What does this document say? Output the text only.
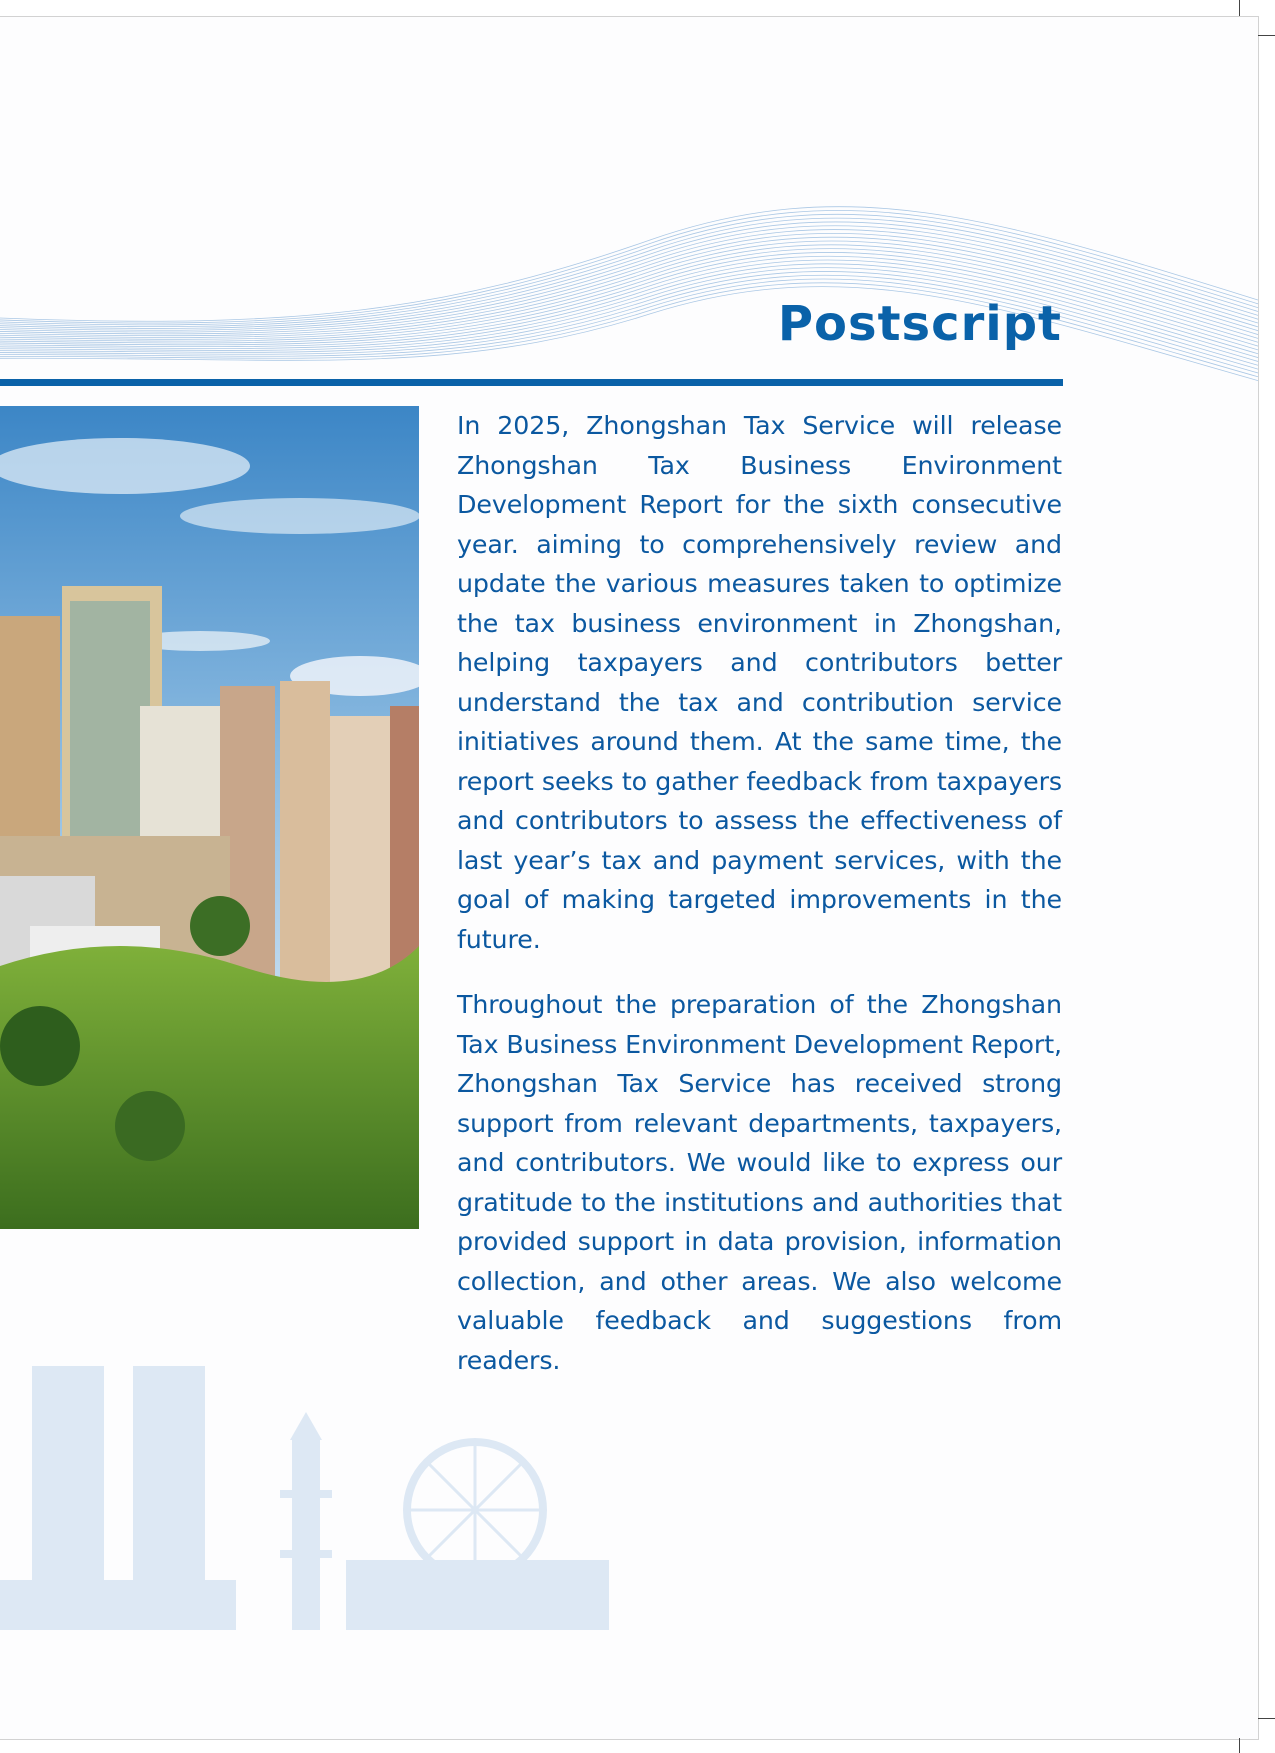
Postscript

In 2025, Zhongshan Tax Service will release Zhongshan Tax Business Environment Development Report for the sixth consecutive year. aiming to comprehensively review and update the various measures taken to optimize the tax business environment in Zhongshan, helping taxpayers and contributors better understand the tax and contribution service initiatives around them. At the same time, the report seeks to gather feedback from taxpayers and contributors to assess the effectiveness of last year’s tax and payment services, with the goal of making targeted improvements in the future.

Throughout the preparation of the Zhongshan Tax Business Environment Development Report, Zhongshan Tax Service has received strong support from relevant departments, taxpayers, and contributors. We would like to express our gratitude to the institutions and authorities that provided support in data provision, information collection, and other areas. We also welcome valuable feedback and suggestions from readers.
